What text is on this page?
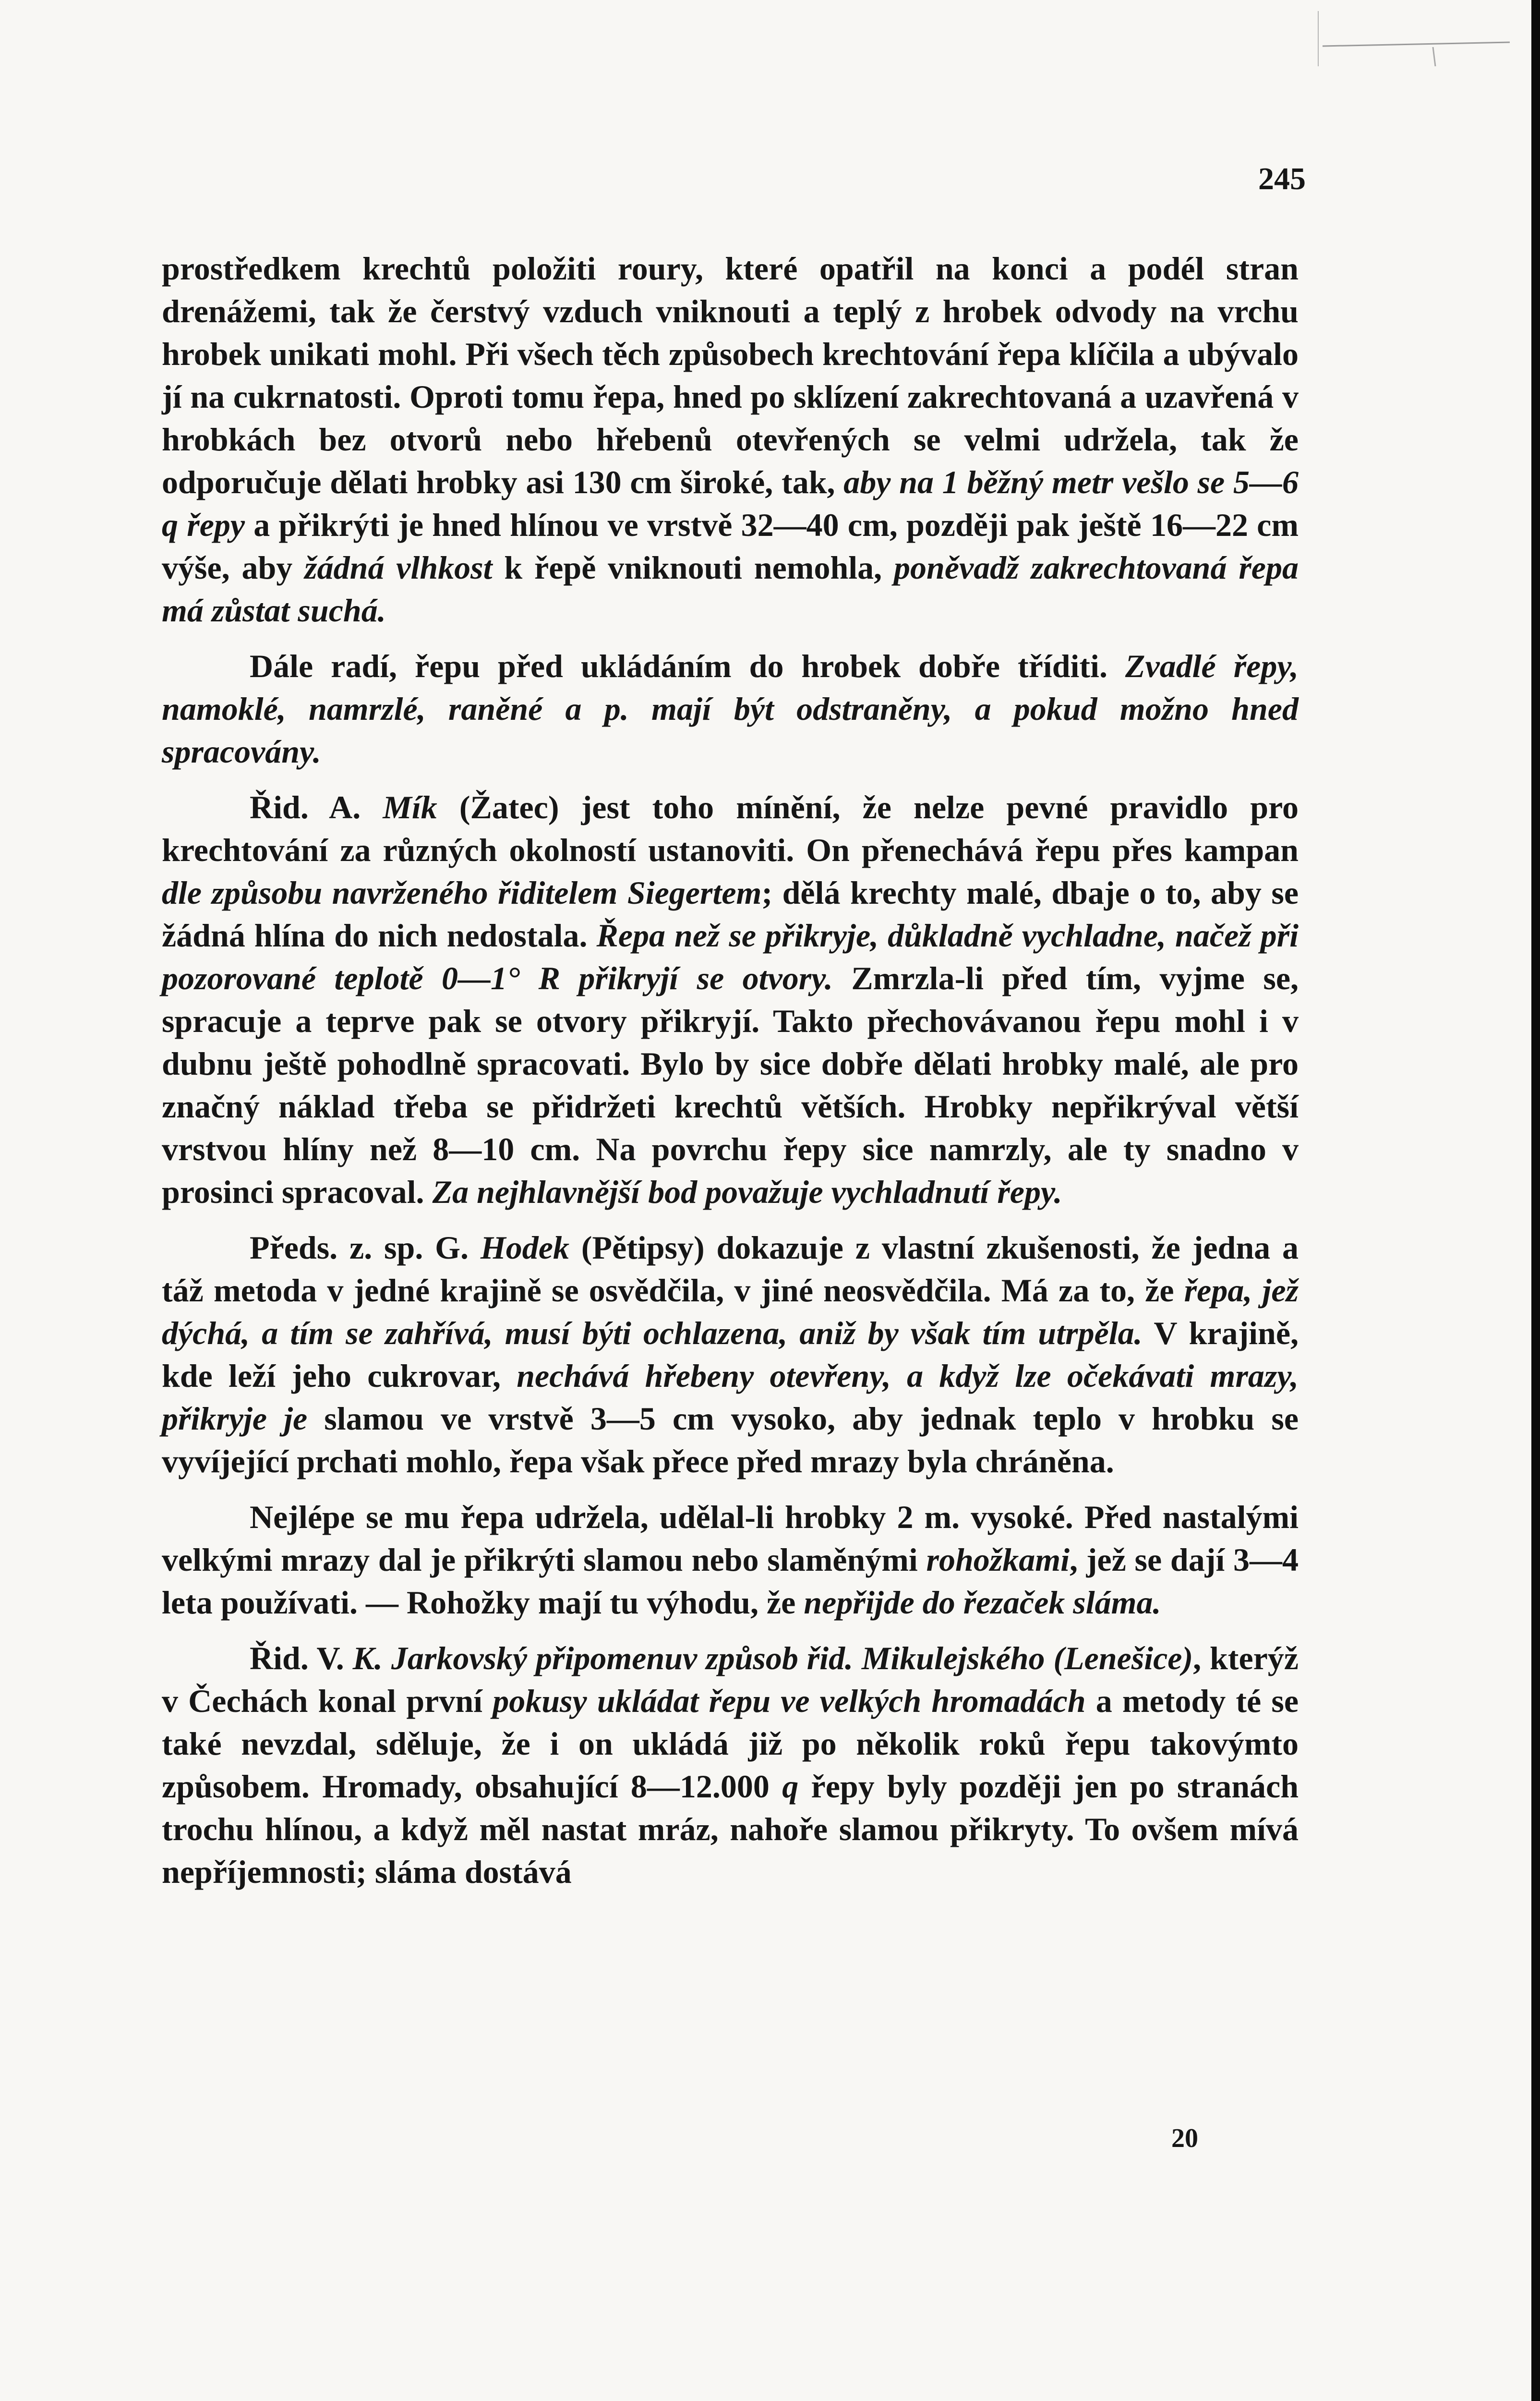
245

prostředkem krechtů položiti roury, které opatřil na konci a podél stran drenážemi, tak že čerstvý vzduch vniknouti a teplý z hrobek odvody na vrchu hrobek unikati mohl. Při všech těch způsobech krechtování řepa klíčila a ubývalo jí na cukrnatosti. Oproti tomu řepa, hned po sklízení zakrechtovaná a uzavřená v hrobkách bez otvorů nebo hřebenů otevřených se velmi udržela, tak že odporučuje dělati hrobky asi 130 cm široké, tak, aby na 1 běžný metr vešlo se 5—6 q řepy a přikrýti je hned hlínou ve vrstvě 32—40 cm, později pak ještě 16—22 cm výše, aby žádná vlhkost k řepě vniknouti nemohla, poněvadž zakrechtovaná řepa má zůstat suchá.

Dále radí, řepu před ukládáním do hrobek dobře tříditi. Zvadlé řepy, namoklé, namrzlé, raněné a p. mají být odstraněny, a pokud možno hned spracovány.

Řid. A. Mík (Žatec) jest toho mínění, že nelze pevné pravidlo pro krechtování za různých okolností ustanoviti. On přenechává řepu přes kampan dle způsobu navrženého řiditelem Siegertem; dělá krechty malé, dbaje o to, aby se žádná hlína do nich nedostala. Řepa než se přikryje, důkladně vychladne, načež při pozorované teplotě 0—1° R přikryjí se otvory. Zmrzla-li před tím, vyjme se, spracuje a teprve pak se otvory přikryjí. Takto přechovávanou řepu mohl i v dubnu ještě pohodlně spracovati. Bylo by sice dobře dělati hrobky malé, ale pro značný náklad třeba se přidržeti krechtů větších. Hrobky nepřikrýval větší vrstvou hlíny než 8—10 cm. Na povrchu řepy sice namrzly, ale ty snadno v prosinci spracoval. Za nejhlavnější bod považuje vychladnutí řepy.

Předs. z. sp. G. Hodek (Pětipsy) dokazuje z vlastní zkušenosti, že jedna a táž metoda v jedné krajině se osvědčila, v jiné neosvědčila. Má za to, že řepa, jež dýchá, a tím se zahřívá, musí býti ochlazena, aniž by však tím utrpěla. V krajině, kde leží jeho cukrovar, nechává hřebeny otevřeny, a když lze očekávati mrazy, přikryje je slamou ve vrstvě 3—5 cm vysoko, aby jednak teplo v hrobku se vyvíjející prchati mohlo, řepa však přece před mrazy byla chráněna.

Nejlépe se mu řepa udržela, udělal-li hrobky 2 m. vysoké. Před nastalými velkými mrazy dal je přikrýti slamou nebo slaměnými rohožkami, jež se dají 3—4 leta používati. — Rohožky mají tu výhodu, že nepřijde do řezaček sláma.

Řid. V. K. Jarkovský připomenuv způsob řid. Mikulejského (Lenešice), kterýž v Čechách konal první pokusy ukládat řepu ve velkých hromadách a metody té se také nevzdal, sděluje, že i on ukládá již po několik roků řepu takovýmto způsobem. Hromady, obsahující 8—12.000 q řepy byly později jen po stranách trochu hlínou, a když měl nastat mráz, nahoře slamou přikryty. To ovšem mívá nepříjemnosti; sláma dostává

20
